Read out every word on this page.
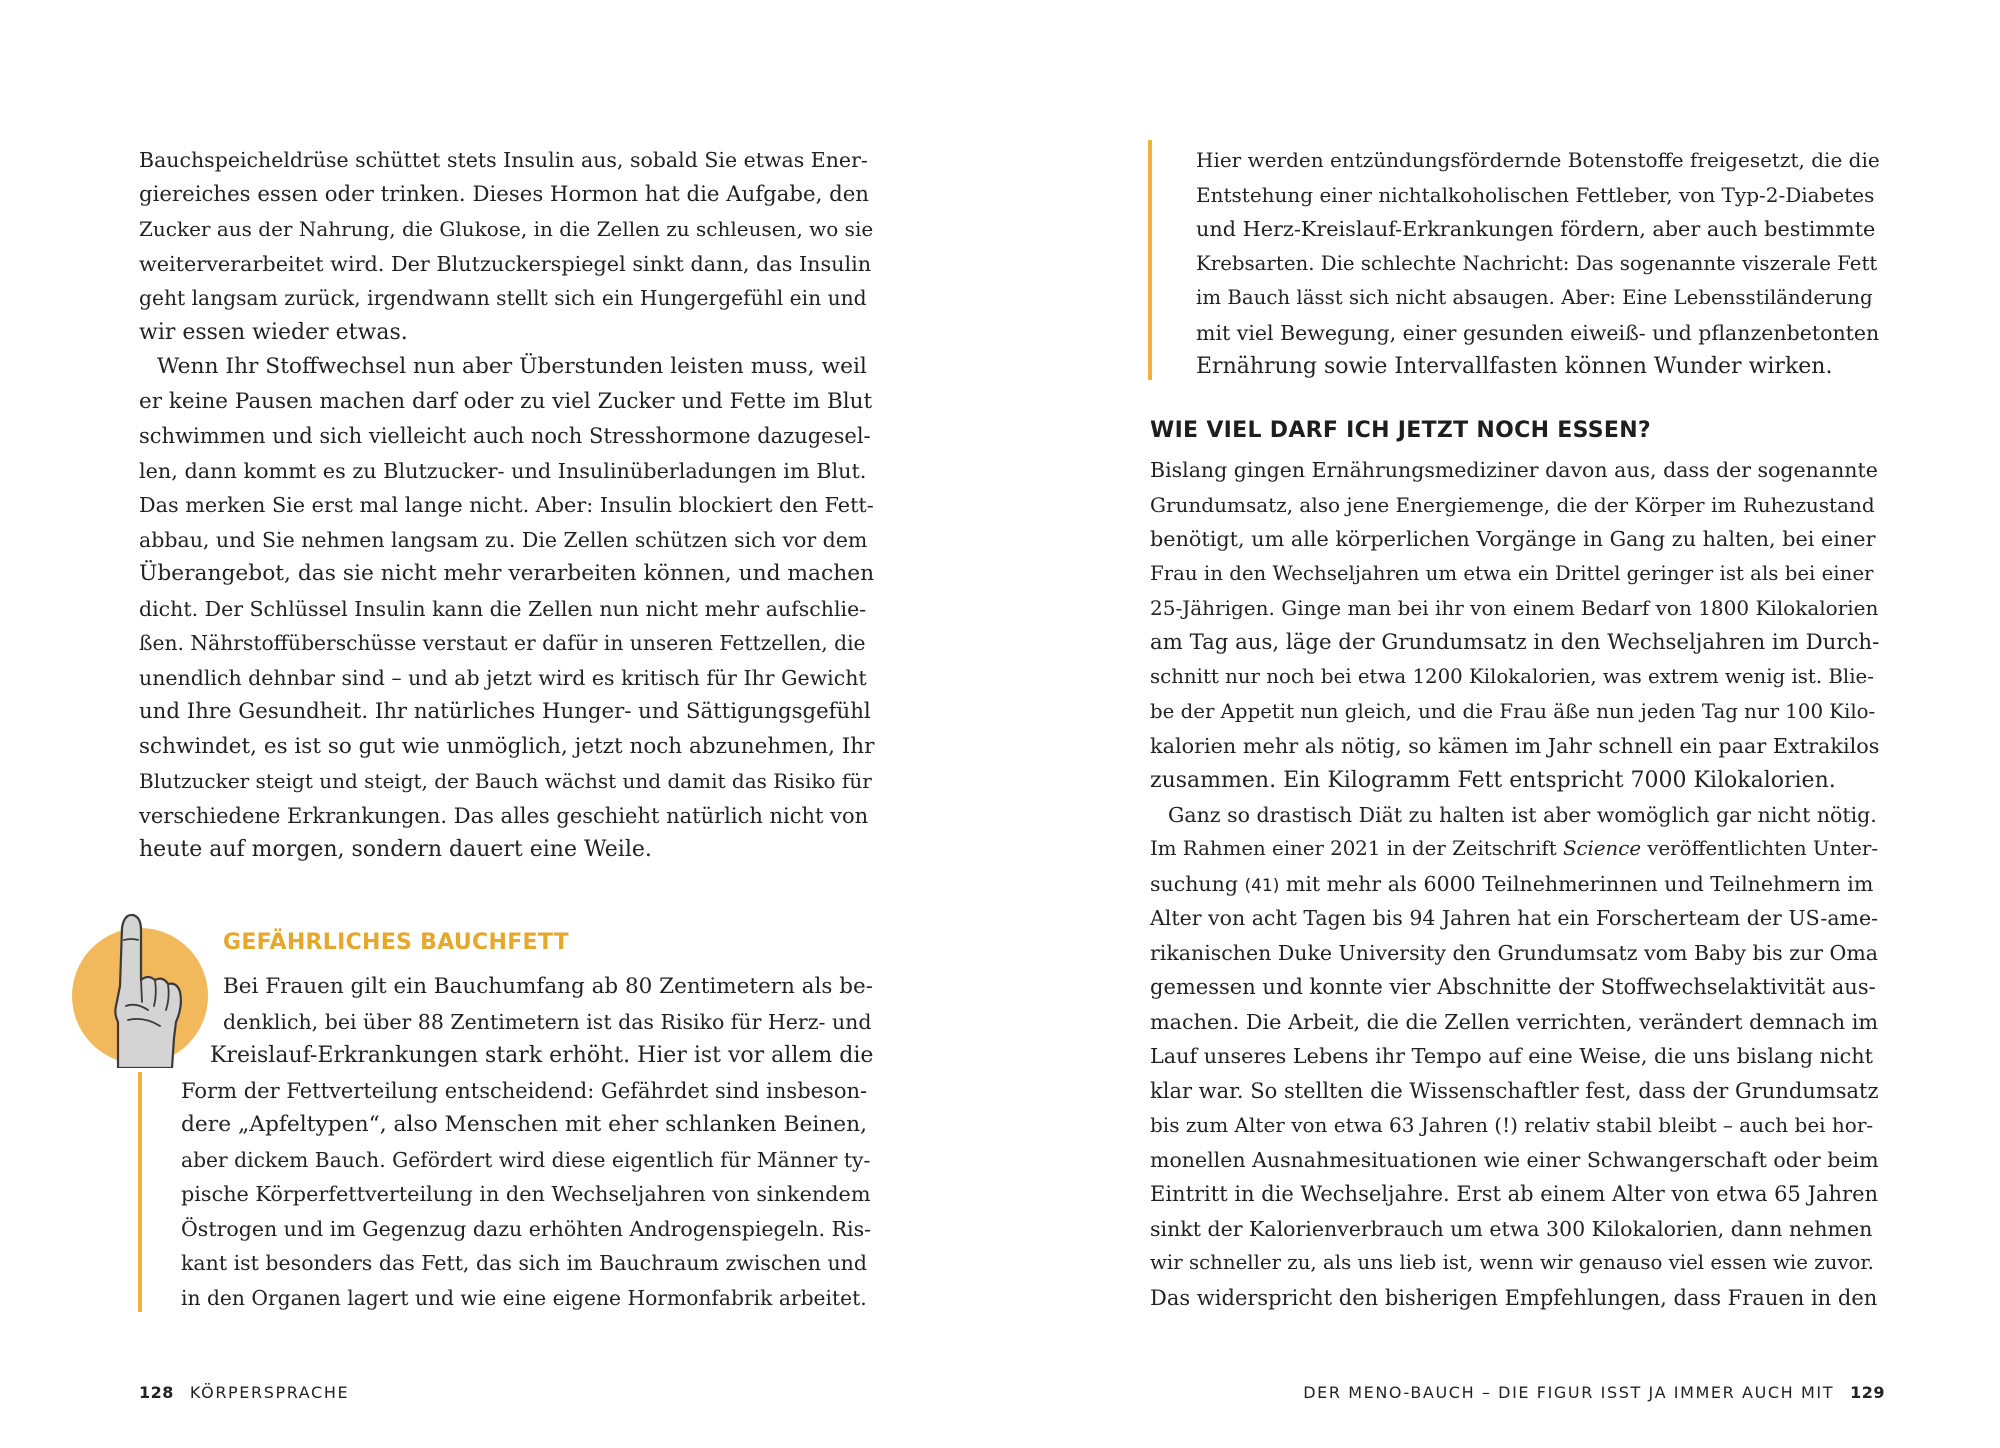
Bauchspeicheldrüse schüttet stets Insulin aus, sobald Sie etwas Ener-

giereiches essen oder trinken. Dieses Hormon hat die Aufgabe, den

Zucker aus der Nahrung, die Glukose, in die Zellen zu schleusen, wo sie

weiterverarbeitet wird. Der Blutzuckerspiegel sinkt dann, das Insulin

geht langsam zurück, irgendwann stellt sich ein Hungergefühl ein und

wir essen wieder etwas.

Wenn Ihr Stoffwechsel nun aber Überstunden leisten muss, weil

er keine Pausen machen darf oder zu viel Zucker und Fette im Blut

schwimmen und sich vielleicht auch noch Stresshormone dazugesel-

len, dann kommt es zu Blutzucker- und Insulinüberladungen im Blut.

Das merken Sie erst mal lange nicht. Aber: Insulin blockiert den Fett-

abbau, und Sie nehmen langsam zu. Die Zellen schützen sich vor dem

Überangebot, das sie nicht mehr verarbeiten können, und machen

dicht. Der Schlüssel Insulin kann die Zellen nun nicht mehr aufschlie-

ßen. Nährstoffüberschüsse verstaut er dafür in unseren Fettzellen, die

unendlich dehnbar sind – und ab jetzt wird es kritisch für Ihr Gewicht

und Ihre Gesundheit. Ihr natürliches Hunger- und Sättigungsgefühl

schwindet, es ist so gut wie unmöglich, jetzt noch abzunehmen, Ihr

Blutzucker steigt und steigt, der Bauch wächst und damit das Risiko für

verschiedene Erkrankungen. Das alles geschieht natürlich nicht von

heute auf morgen, sondern dauert eine Weile.

GEFÄHRLICHES BAUCHFETT

Bei Frauen gilt ein Bauchumfang ab 80 Zentimetern als be-

denklich, bei über 88 Zentimetern ist das Risiko für Herz- und

Kreislauf-Erkrankungen stark erhöht. Hier ist vor allem die

Form der Fettverteilung entscheidend: Gefährdet sind insbeson-

dere „Apfeltypen“, also Menschen mit eher schlanken Beinen,

aber dickem Bauch. Gefördert wird diese eigentlich für Männer ty-

pische Körperfettverteilung in den Wechseljahren von sinkendem

Östrogen und im Gegenzug dazu erhöhten Androgenspiegeln. Ris-

kant ist besonders das Fett, das sich im Bauchraum zwischen und

in den Organen lagert und wie eine eigene Hormonfabrik arbeitet.

128 KÖRPERSPRACHE

Hier werden entzündungsfördernde Botenstoffe freigesetzt, die die

Entstehung einer nichtalkoholischen Fettleber, von Typ-2-Diabetes

und Herz-Kreislauf-Erkrankungen fördern, aber auch bestimmte

Krebsarten. Die schlechte Nachricht: Das sogenannte viszerale Fett

im Bauch lässt sich nicht absaugen. Aber: Eine Lebensstiländerung

mit viel Bewegung, einer gesunden eiweiß- und pflanzenbetonten

Ernährung sowie Intervallfasten können Wunder wirken.

WIE VIEL DARF ICH JETZT NOCH ESSEN?

Bislang gingen Ernährungsmediziner davon aus, dass der sogenannte

Grundumsatz, also jene Energiemenge, die der Körper im Ruhezustand

benötigt, um alle körperlichen Vorgänge in Gang zu halten, bei einer

Frau in den Wechseljahren um etwa ein Drittel geringer ist als bei einer

25-Jährigen. Ginge man bei ihr von einem Bedarf von 1800 Kilokalorien

am Tag aus, läge der Grundumsatz in den Wechseljahren im Durch-

schnitt nur noch bei etwa 1200 Kilokalorien, was extrem wenig ist. Blie-

be der Appetit nun gleich, und die Frau äße nun jeden Tag nur 100 Kilo-

kalorien mehr als nötig, so kämen im Jahr schnell ein paar Extrakilos

zusammen. Ein Kilogramm Fett entspricht 7000 Kilokalorien.

Ganz so drastisch Diät zu halten ist aber womöglich gar nicht nötig.

Im Rahmen einer 2021 in der Zeitschrift Science veröffentlichten Unter-

suchung (41) mit mehr als 6000 Teilnehmerinnen und Teilnehmern im

Alter von acht Tagen bis 94 Jahren hat ein Forscherteam der US-ame-

rikanischen Duke University den Grundumsatz vom Baby bis zur Oma

gemessen und konnte vier Abschnitte der Stoffwechselaktivität aus-

machen. Die Arbeit, die die Zellen verrichten, verändert demnach im

Lauf unseres Lebens ihr Tempo auf eine Weise, die uns bislang nicht

klar war. So stellten die Wissenschaftler fest, dass der Grundumsatz

bis zum Alter von etwa 63 Jahren (!) relativ stabil bleibt – auch bei hor-

monellen Ausnahmesituationen wie einer Schwangerschaft oder beim

Eintritt in die Wechseljahre. Erst ab einem Alter von etwa 65 Jahren

sinkt der Kalorienverbrauch um etwa 300 Kilokalorien, dann nehmen

wir schneller zu, als uns lieb ist, wenn wir genauso viel essen wie zuvor.

Das widerspricht den bisherigen Empfehlungen, dass Frauen in den

DER MENO-BAUCH – DIE FIGUR ISST JA IMMER AUCH MIT 129
